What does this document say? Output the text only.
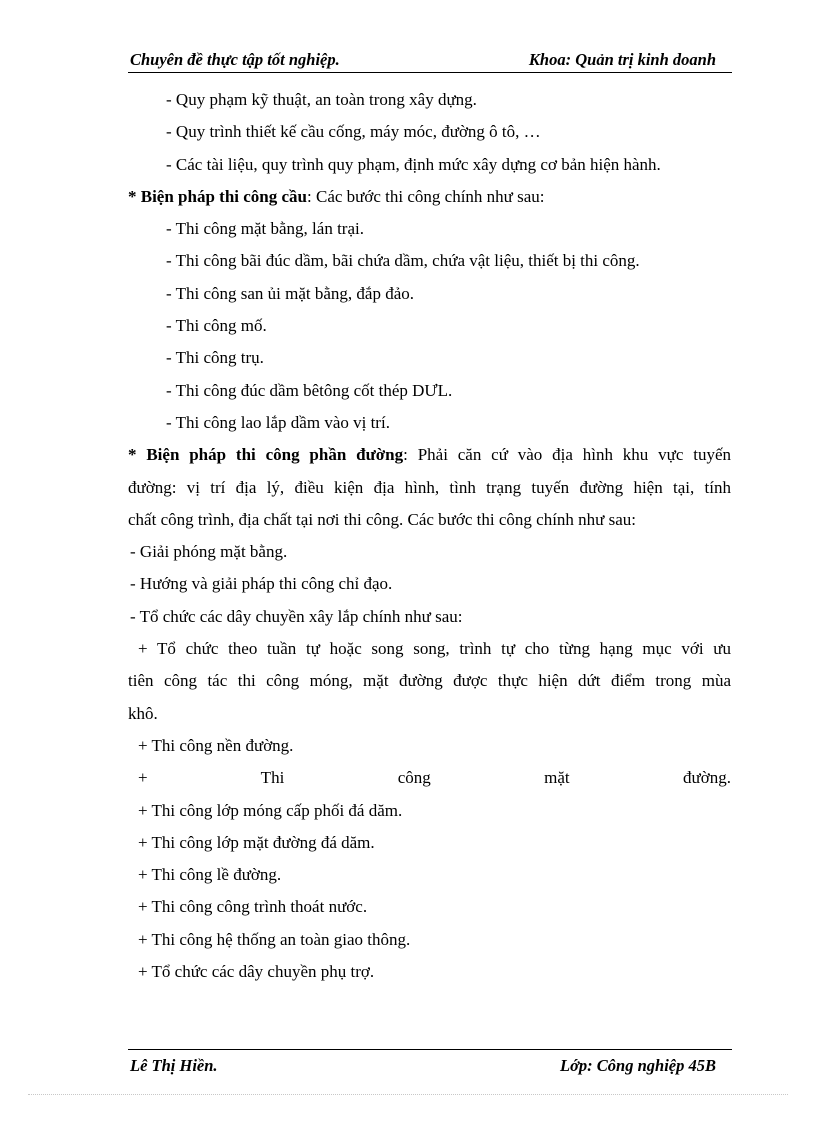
Chuyên đề thực tập tốt nghiệp.	Khoa: Quản trị kinh doanh
- Quy phạm kỹ thuật, an toàn trong xây dựng.
- Quy trình thiết kế cầu cống, máy móc, đường ô tô, …
- Các tài liệu, quy trình quy phạm, định mức xây dựng cơ bản hiện hành.
* Biện pháp thi công cầu: Các bước thi công chính như sau:
- Thi công mặt bằng, lán trại.
- Thi công bãi đúc dầm, bãi chứa dầm, chứa vật liệu, thiết bị thi công.
- Thi công san ủi mặt bằng, đắp đảo.
- Thi công mố.
- Thi công trụ.
- Thi công đúc dầm bêtông cốt thép DƯL.
- Thi công lao lắp dầm vào vị trí.
* Biện pháp thi công phần đường: Phải căn cứ vào địa hình khu vực tuyến
đường: vị trí địa lý, điều kiện địa hình, tình trạng tuyến đường hiện tại, tính
chất công trình, địa chất tại nơi thi công. Các bước thi công chính như sau:
- Giải phóng mặt bằng.
- Hướng và giải pháp thi công chỉ đạo.
- Tổ chức các dây chuyền xây lắp chính như sau:
+ Tổ chức theo tuần tự hoặc song song, trình tự cho từng hạng mục với ưu
tiên công tác thi công móng, mặt đường được thực hiện dứt điểm trong mùa
khô.
+ Thi công nền đường.
+ Thi công mặt đường.
+ Thi công lớp móng cấp phối đá dăm.
+ Thi công lớp mặt đường đá dăm.
+ Thi công lề đường.
+ Thi công công trình thoát nước.
+ Thi công hệ thống an toàn giao thông.
+ Tổ chức các dây chuyền phụ trợ.
Lê Thị Hiền.	Lớp: Công nghiệp 45B
